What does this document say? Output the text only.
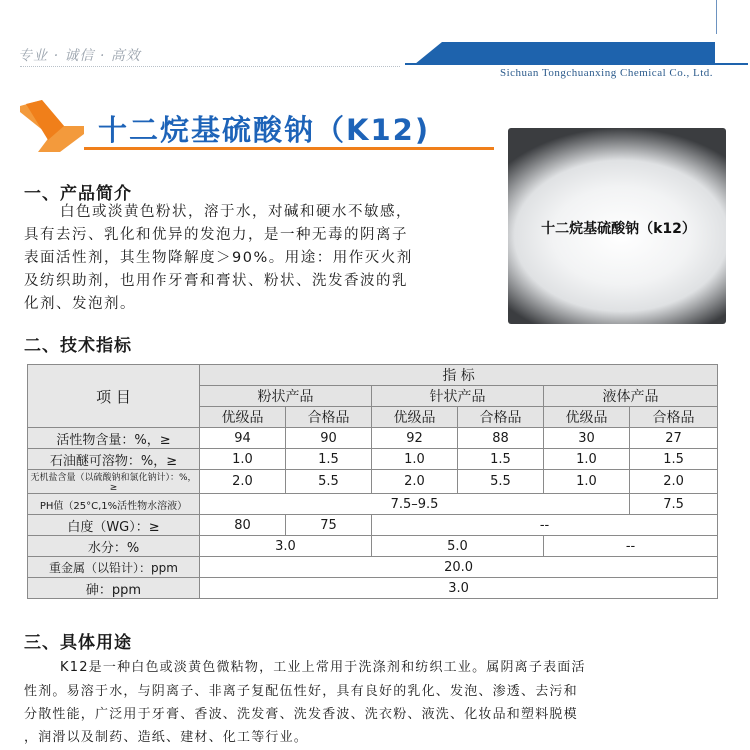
专业 · 诚信 · 高效
Sichuan Tongchuanxing Chemical Co., Ltd.
十二烷基硫酸钠（K12)
十二烷基硫酸钠（k12）
一、产品简介
白色或淡黄色粉状，溶于水，对碱和硬水不敏感，
具有去污、乳化和优异的发泡力，是一种无毒的阴离子
表面活性剂，其生物降解度＞90%。用途：用作灭火剂
及纺织助剂，也用作牙膏和膏状、粉状、洗发香波的乳
化剂、发泡剂。
二、技术指标
项 目	指 标					
	粉状产品		针状产品		液体产品	
	优级品	合格品	优级品	合格品	优级品	合格品
活性物含量：%，≥	94	90	92	88	30	27
石油醚可溶物：%，≥	1.0	1.5	1.0	1.5	1.0	1.5
无机盐含量（以硫酸钠和氯化钠计）：%，≥	2.0	5.5	2.0	5.5	1.0	2.0
PH值（25°C,1%活性物水溶液）	7.5–9.5					7.5
白度（WG）：≥	80	75	--			
水分：%	3.0		5.0		--	
重金属（以铅计）：ppm	20.0					
砷：ppm	3.0					
三、具体用途
K12是一种白色或淡黄色微粘物，工业上常用于洗涤剂和纺织工业。属阴离子表面活
性剂。易溶于水，与阴离子、非离子复配伍性好，具有良好的乳化、发泡、渗透、去污和
分散性能，广泛用于牙膏、香波、洗发膏、洗发香波、洗衣粉、液洗、化妆品和塑料脱模
，润滑以及制药、造纸、建材、化工等行业。
